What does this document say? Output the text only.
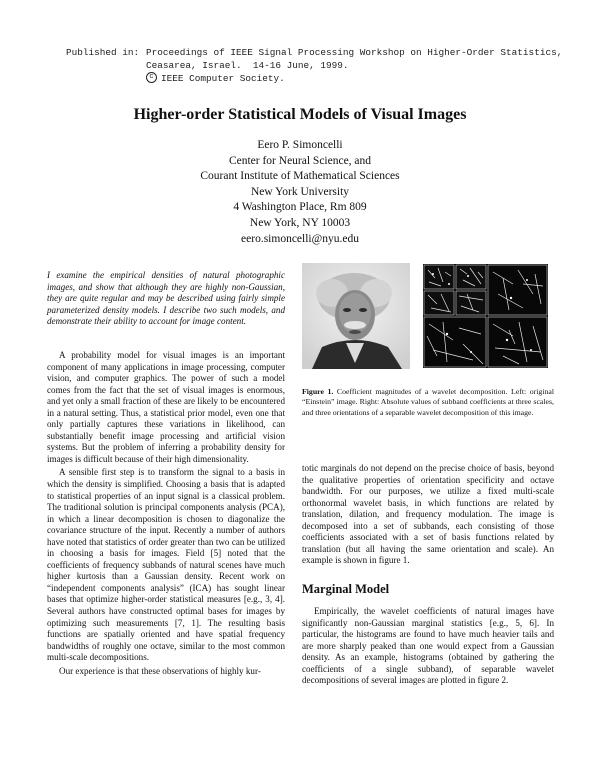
Published in: Proceedings of IEEE Signal Processing Workshop on Higher-Order Statistics,
Ceasarea, Israel.  14-16 June, 1999.
c IEEE Computer Society.
Higher-order Statistical Models of Visual Images
Eero P. Simoncelli
Center for Neural Science, and
Courant Institute of Mathematical Sciences
New York University
4 Washington Place, Rm 809
New York, NY 10003
eero.simoncelli@nyu.edu
I examine the empirical densities of natural photographic images, and show that although they are highly non-Gaussian, they are quite regular and may be described using fairly simple parameterized density models. I describe two such models, and demonstrate their ability to account for image content.

A probability model for visual images is an important component of many applications in image processing, computer vision, and computer graphics. The power of such a model comes from the fact that the set of visual images is enormous, and yet only a small fraction of these are likely to be encountered in a natural setting. Thus, a statistical prior model, even one that only partially captures these variations in likelihood, can substantially benefit image processing and artificial vision systems. But the problem of inferring a probability density for images is difficult because of their high dimensionality.

A sensible first step is to transform the signal to a basis in which the density is simplified. Choosing a basis that is adapted to statistical properties of an input signal is a classical problem. The traditional solution is principal components analysis (PCA), in which a linear decomposition is chosen to diagonalize the covariance structure of the input. Recently a number of authors have noted that statistics of order greater than two can be utilized in choosing a basis for images. Field [5] noted that the coefficients of frequency subbands of natural scenes have much higher kurtosis than a Gaussian density. Recent work on “independent components analysis” (ICA) has sought linear bases that optimize higher-order statistical measures [e.g., 3, 4]. Several authors have constructed optimal bases for images by optimizing such measurements [7, 1]. The resulting basis functions are spatially oriented and have spatial frequency bandwidths of roughly one octave, similar to the most common multi-scale decompositions.

Our experience is that these observations of highly kur-

Figure 1. Coefficient magnitudes of a wavelet decomposition. Left: original “Einstein” image. Right: Absolute values of subband coefficients at three scales, and three orientations of a separable wavelet decomposition of this image.

totic marginals do not depend on the precise choice of basis, beyond the qualitative properties of orientation specificity and octave bandwidth. For our purposes, we utilize a fixed multi-scale orthonormal wavelet basis, in which functions are related by translation, dilation, and frequency modulation. The image is decomposed into a set of subbands, each consisting of those coefficients associated with a set of basis functions related by translation (but all having the same orientation and scale). An example is shown in figure 1.

Marginal Model

Empirically, the wavelet coefficients of natural images have significantly non-Gaussian marginal statistics [e.g., 5, 6]. In particular, the histograms are found to have much heavier tails and are more sharply peaked than one would expect from a Gaussian density. As an example, histograms (obtained by gathering the coefficients of a single subband), of separable wavelet decompositions of several images are plotted in figure 2.
